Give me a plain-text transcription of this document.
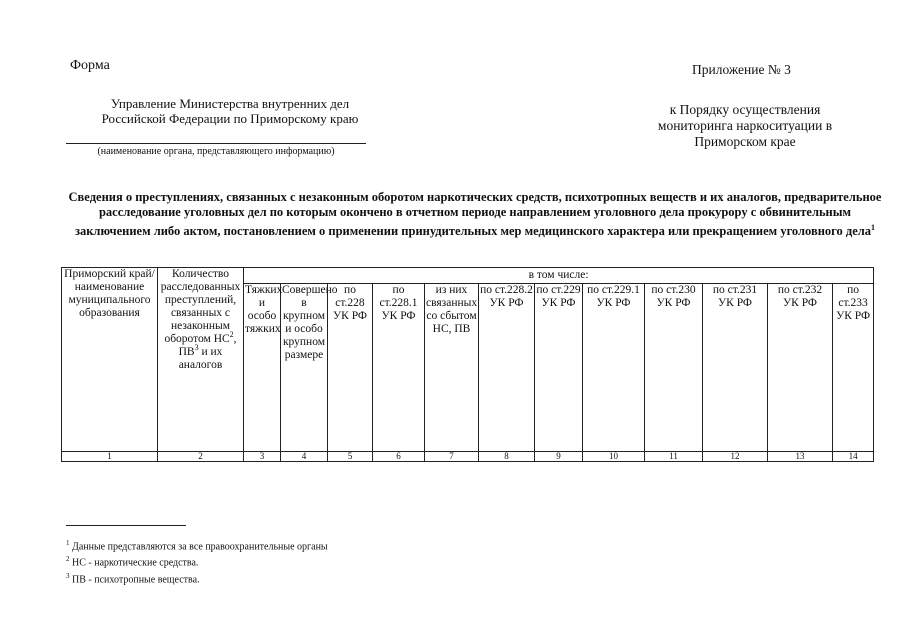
Форма	Приложение № 3
к Порядку осуществления мониторинга наркоситуации в Приморском крае
Управление Министерства внутренних дел Российской Федерации по Приморскому краю
(наименование органа, представляющего информацию)
Сведения о преступлениях, связанных с незаконным оборотом наркотических средств, психотропных веществ и их аналогов, предварительное расследование уголовных дел по которым окончено в отчетном периоде направлением уголовного дела прокурору с обвинительным заключением либо актом, постановлением о применении принудительных мер медицинского характера или прекращением уголовного дела$^1$
Приморский край/ наименование муниципального образования	Количество расследованных преступлений, связанных с незаконным оборотом $НС^2$, $ПВ^3$ и их аналогов	в том числе:											
		Тяжких и особо тяжких	Совершено в крупном и особо крупном размере	по ст.228 УК РФ	по ст.228.1 УК РФ	из них связанных со сбытом НС, ПВ	по ст.228.2 УК РФ	по ст.229 УК РФ	по ст.229.1 УК РФ	по ст.230 УК РФ	по ст.231 УК РФ	по ст.232 УК РФ	по ст.233 УК РФ
1	2	3	4	5	6	7	8	9	10	11	12	13	14
$^1$ Данные представляются за все правоохранительные органы
$^2$ НС - наркотические средства.
$^3$ ПВ - психотропные вещества.
